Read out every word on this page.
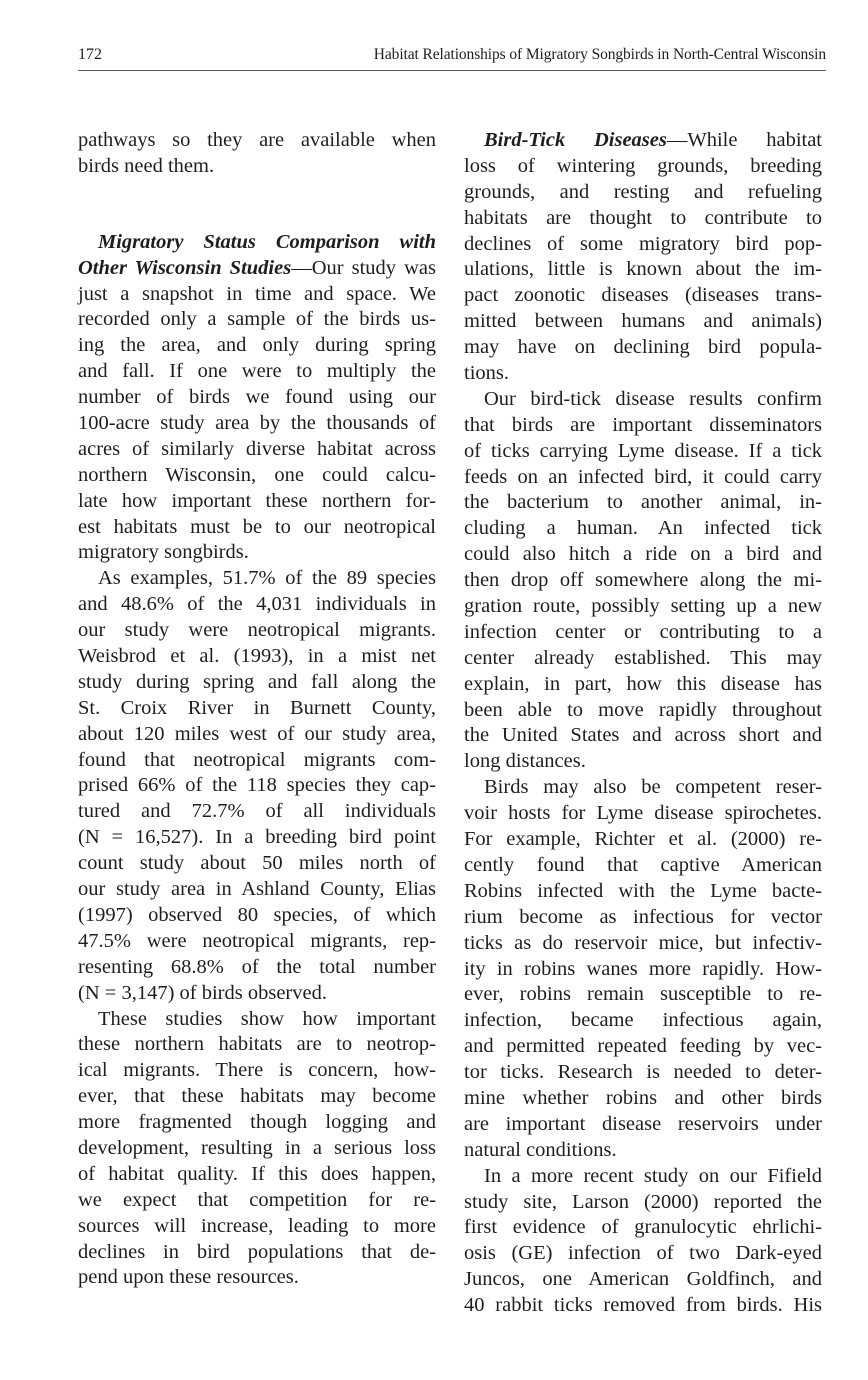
172	Habitat Relationships of Migratory Songbirds in North-Central Wisconsin
pathways so they are available when
birds need them.
Migratory Status Comparison with
Other Wisconsin Studies—Our study was
just a snapshot in time and space. We
recorded only a sample of the birds us-
ing the area, and only during spring
and fall. If one were to multiply the
number of birds we found using our
100-acre study area by the thousands of
acres of similarly diverse habitat across
northern Wisconsin, one could calcu-
late how important these northern for-
est habitats must be to our neotropical
migratory songbirds.
As examples, 51.7% of the 89 species
and 48.6% of the 4,031 individuals in
our study were neotropical migrants.
Weisbrod et al. (1993), in a mist net
study during spring and fall along the
St. Croix River in Burnett County,
about 120 miles west of our study area,
found that neotropical migrants com-
prised 66% of the 118 species they cap-
tured and 72.7% of all individuals
(N = 16,527). In a breeding bird point
count study about 50 miles north of
our study area in Ashland County, Elias
(1997) observed 80 species, of which
47.5% were neotropical migrants, rep-
resenting 68.8% of the total number
(N = 3,147) of birds observed.
These studies show how important
these northern habitats are to neotrop-
ical migrants. There is concern, how-
ever, that these habitats may become
more fragmented though logging and
development, resulting in a serious loss
of habitat quality. If this does happen,
we expect that competition for re-
sources will increase, leading to more
declines in bird populations that de-
pend upon these resources.
Bird-Tick Diseases—While habitat
loss of wintering grounds, breeding
grounds, and resting and refueling
habitats are thought to contribute to
declines of some migratory bird pop-
ulations, little is known about the im-
pact zoonotic diseases (diseases trans-
mitted between humans and animals)
may have on declining bird popula-
tions.
Our bird-tick disease results confirm
that birds are important disseminators
of ticks carrying Lyme disease. If a tick
feeds on an infected bird, it could carry
the bacterium to another animal, in-
cluding a human. An infected tick
could also hitch a ride on a bird and
then drop off somewhere along the mi-
gration route, possibly setting up a new
infection center or contributing to a
center already established. This may
explain, in part, how this disease has
been able to move rapidly throughout
the United States and across short and
long distances.
Birds may also be competent reser-
voir hosts for Lyme disease spirochetes.
For example, Richter et al. (2000) re-
cently found that captive American
Robins infected with the Lyme bacte-
rium become as infectious for vector
ticks as do reservoir mice, but infectiv-
ity in robins wanes more rapidly. How-
ever, robins remain susceptible to re-
infection, became infectious again,
and permitted repeated feeding by vec-
tor ticks. Research is needed to deter-
mine whether robins and other birds
are important disease reservoirs under
natural conditions.
In a more recent study on our Fifield
study site, Larson (2000) reported the
first evidence of granulocytic ehrlichi-
osis (GE) infection of two Dark-eyed
Juncos, one American Goldfinch, and
40 rabbit ticks removed from birds. His
